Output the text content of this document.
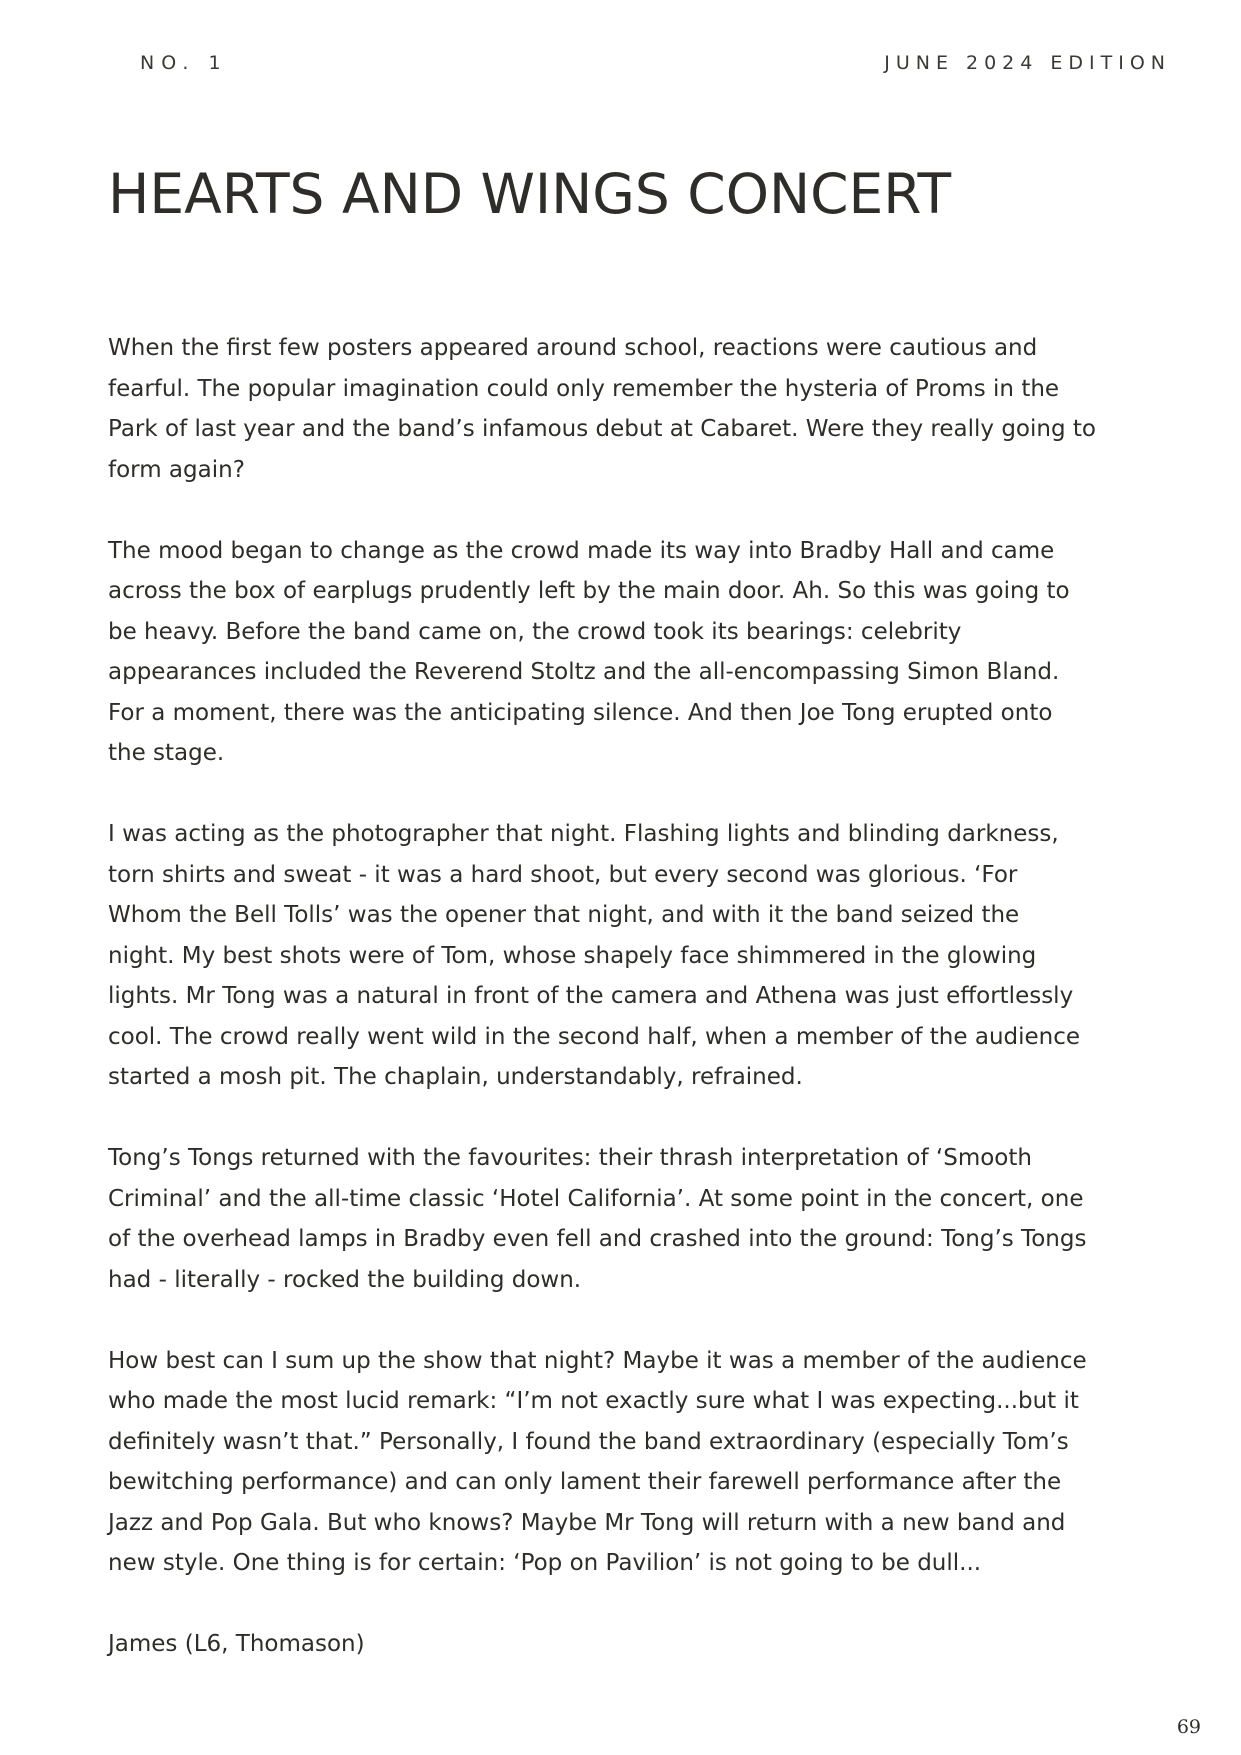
NO. 1	JUNE 2024 EDITION
HEARTS AND WINGS CONCERT

When the first few posters appeared around school, reactions were cautious and
fearful. The popular imagination could only remember the hysteria of Proms in the
Park of last year and the band’s infamous debut at Cabaret. Were they really going to
form again?

The mood began to change as the crowd made its way into Bradby Hall and came
across the box of earplugs prudently left by the main door. Ah. So this was going to
be heavy. Before the band came on, the crowd took its bearings: celebrity
appearances included the Reverend Stoltz and the all-encompassing Simon Bland.
For a moment, there was the anticipating silence. And then Joe Tong erupted onto
the stage.

I was acting as the photographer that night. Flashing lights and blinding darkness,
torn shirts and sweat - it was a hard shoot, but every second was glorious. ‘For
Whom the Bell Tolls’ was the opener that night, and with it the band seized the
night. My best shots were of Tom, whose shapely face shimmered in the glowing
lights. Mr Tong was a natural in front of the camera and Athena was just effortlessly
cool. The crowd really went wild in the second half, when a member of the audience
started a mosh pit. The chaplain, understandably, refrained.

Tong’s Tongs returned with the favourites: their thrash interpretation of ‘Smooth
Criminal’ and the all-time classic ‘Hotel California’. At some point in the concert, one
of the overhead lamps in Bradby even fell and crashed into the ground: Tong’s Tongs
had - literally - rocked the building down.

How best can I sum up the show that night? Maybe it was a member of the audience
who made the most lucid remark: “I’m not exactly sure what I was expecting...but it
definitely wasn’t that.” Personally, I found the band extraordinary (especially Tom’s
bewitching performance) and can only lament their farewell performance after the
Jazz and Pop Gala. But who knows? Maybe Mr Tong will return with a new band and
new style. One thing is for certain: ‘Pop on Pavilion’ is not going to be dull...

James (L6, Thomason)

69
